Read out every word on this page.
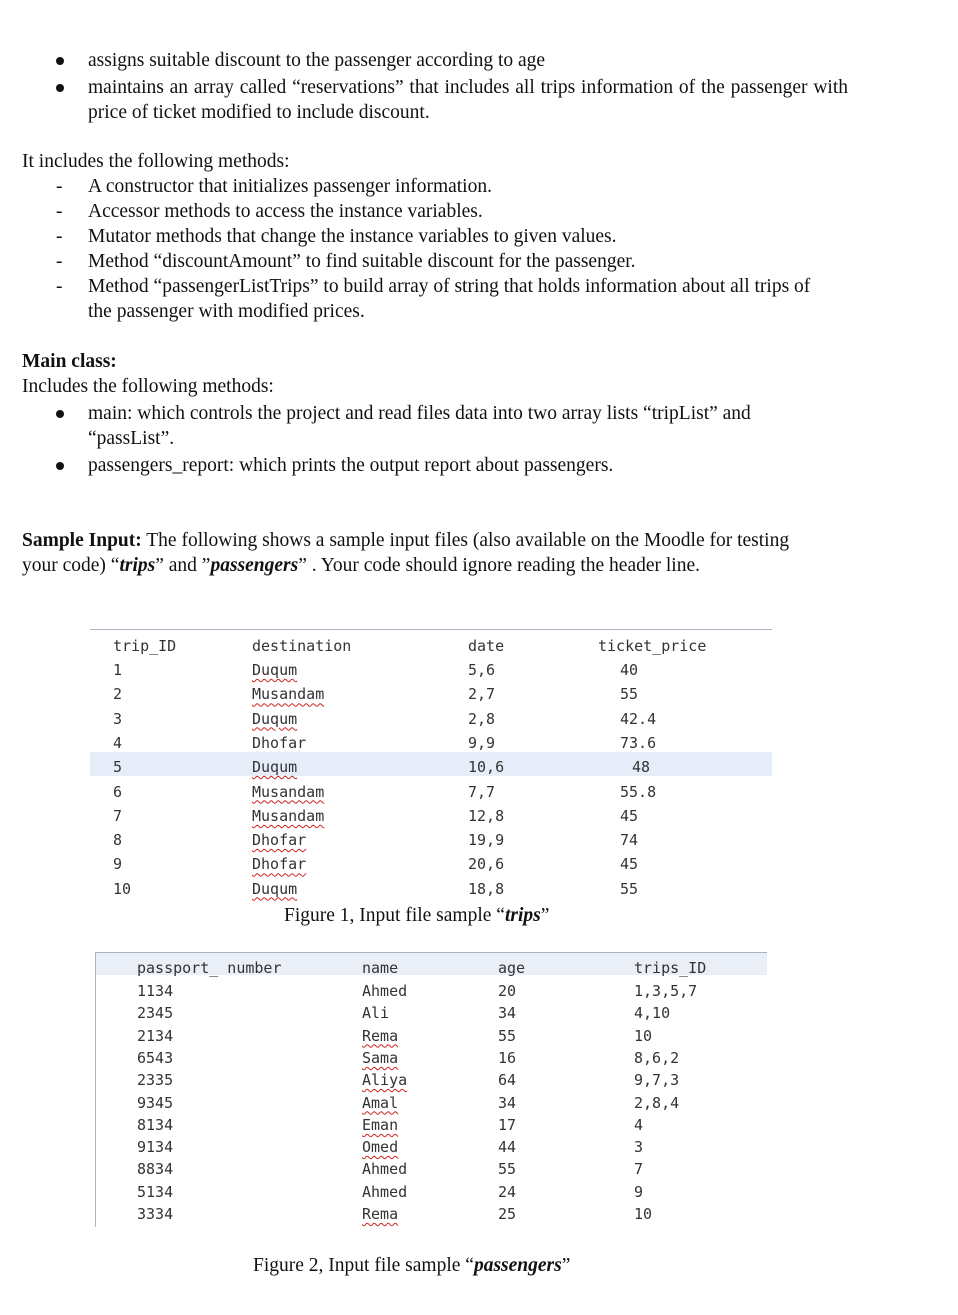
assigns suitable discount to the passenger according to age
maintains an array called “reservations” that includes all trips information of the passenger with price of ticket modified to include discount.
It includes the following methods:
- A constructor that initializes passenger information.
- Accessor methods to access the instance variables.
- Mutator methods that change the instance variables to given values.
- Method “discountAmount” to find suitable discount for the passenger.
- Method “passengerListTrips” to build array of string that holds information about all trips of the passenger with modified prices.
Main class:
Includes the following methods:
main: which controls the project and read files data into two array lists “tripList” and “passList”.
passengers_report: which prints the output report about passengers.
Sample Input: The following shows a sample input files (also available on the Moodle for testing your code) “trips” and ”passengers” . Your code should ignore reading the header line.
trip_ID	destination	date	ticket_price
1	Duqum	5,6	40
2	Musandam	2,7	55
3	Duqum	2,8	42.4
4	Dhofar	9,9	73.6
5	Duqum	10,6	48
6	Musandam	7,7	55.8
7	Musandam	12,8	45
8	Dhofar	19,9	74
9	Dhofar	20,6	45
10	Duqum	18,8	55
Figure 1, Input file sample “trips”
passport_ number	name	age	trips_ID
1134	Ahmed	20	1,3,5,7
2345	Ali	34	4,10
2134	Rema	55	10
6543	Sama	16	8,6,2
2335	Aliya	64	9,7,3
9345	Amal	34	2,8,4
8134	Eman	17	4
9134	Omed	44	3
8834	Ahmed	55	7
5134	Ahmed	24	9
3334	Rema	25	10
Figure 2, Input file sample “passengers”
